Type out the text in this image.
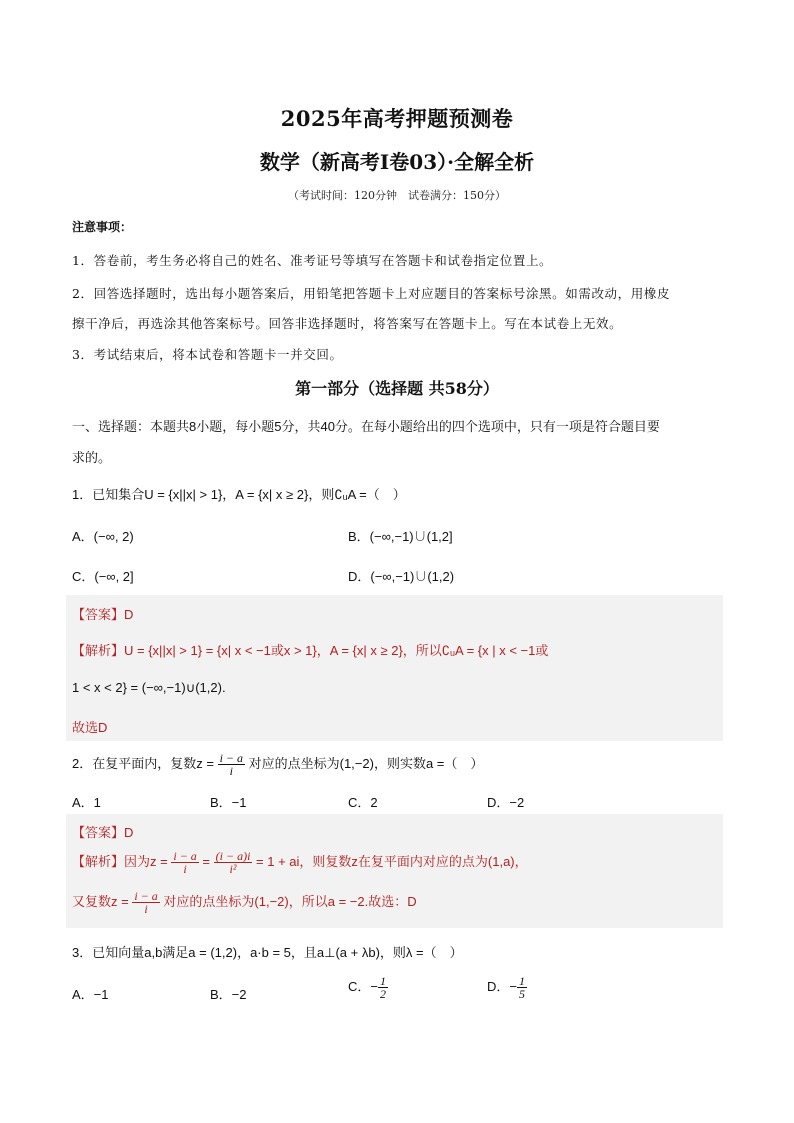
2025年高考押题预测卷
数学（新高考Ⅰ卷03）·全解全析
（考试时间：120分钟　试卷满分：150分）
注意事项：
1．答卷前，考生务必将自己的姓名、准考证号等填写在答题卡和试卷指定位置上。
2．回答选择题时，选出每小题答案后，用铅笔把答题卡上对应题目的答案标号涂黑。如需改动，用橡皮
擦干净后，再选涂其他答案标号。回答非选择题时，将答案写在答题卡上。写在本试卷上无效。
3．考试结束后，将本试卷和答题卡一并交回。
第一部分（选择题 共58分）
一、选择题：本题共8小题，每小题5分，共40分。在每小题给出的四个选项中，只有一项是符合题目要
求的。
1．已知集合U = {x||x| > 1}，A = {x| x ≥ 2}，则∁ᵤA =（　）
A．(−∞, 2)	B．(−∞,−1)∪(1,2]
C．(−∞, 2]	D．(−∞,−1)∪(1,2)
【答案】D
【解析】U = {x||x| > 1} = {x| x < −1或x > 1}，A = {x| x ≥ 2}，所以∁ᵤA = {x | x < −1或
1 < x < 2} = (−∞,−1)∪(1,2).
故选D
2．在复平面内，复数$z = \frac{i - a}{i}$ 对应的点坐标为(1,−2)，则实数a =（　）
A．1	B．−1	C．2	D．−2
【答案】D
【解析】因为$z = \frac{i - a}{i} = \frac{(i - a)i}{\text{i²}} = 1$ + ai，则复数z在复平面内对应的点为(1,a)，
又复数$z = \frac{i - a}{i}$ 对应的点坐标为(1,−2)，所以a = −2.故选：D
3．已知向量a,b满足a = (1,2)，a·b = 5，且a⊥(a + λb)，则λ =（　）
A．−1	B．−2
C．− $\frac{1}{2}$	D．− $\frac{1}{5}$
